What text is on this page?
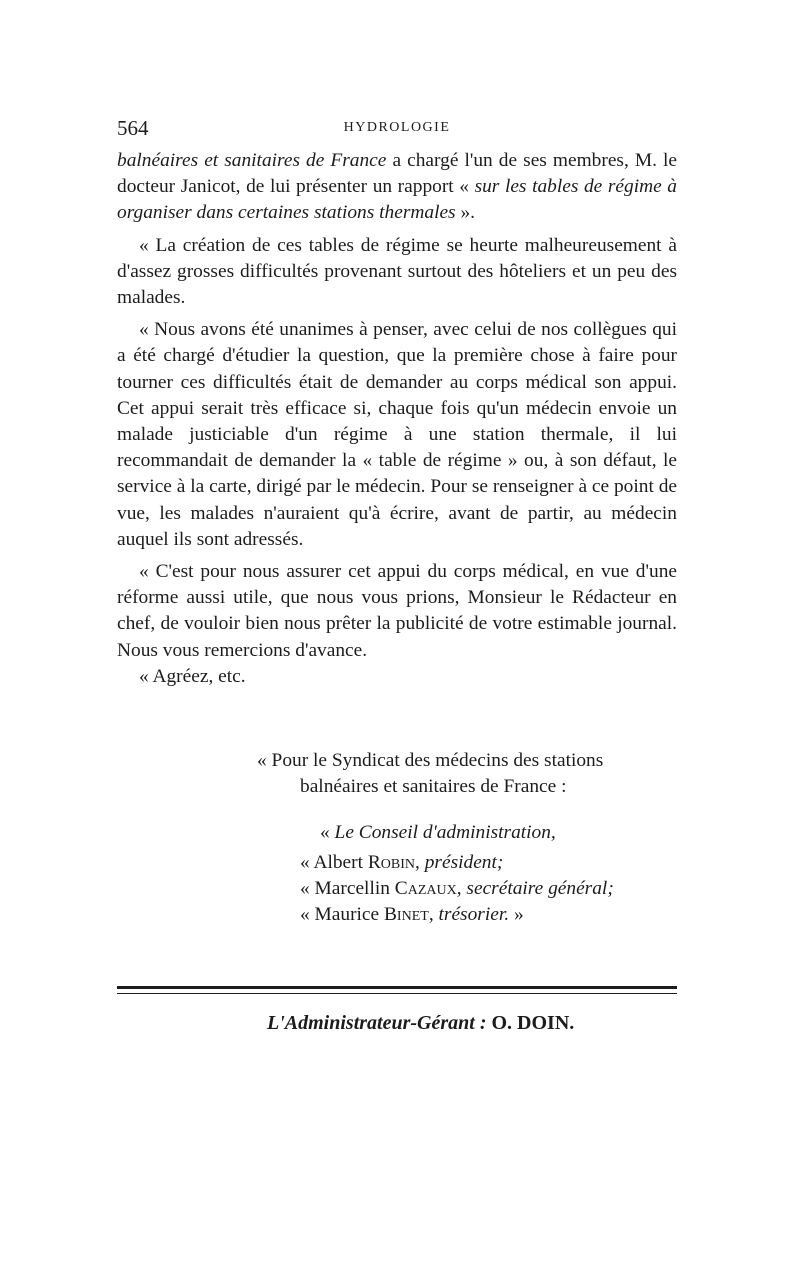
564	HYDROLOGIE

balnéaires et sanitaires de France a chargé l'un de ses membres, M. le docteur Janicot, de lui présenter un rapport « sur les tables de régime à organiser dans certaines stations thermales ».

« La création de ces tables de régime se heurte malheureusement à d'assez grosses difficultés provenant surtout des hôteliers et un peu des malades.

« Nous avons été unanimes à penser, avec celui de nos collègues qui a été chargé d'étudier la question, que la première chose à faire pour tourner ces difficultés était de demander au corps médical son appui. Cet appui serait très efficace si, chaque fois qu'un médecin envoie un malade justiciable d'un régime à une station thermale, il lui recommandait de demander la « table de régime » ou, à son défaut, le service à la carte, dirigé par le médecin. Pour se renseigner à ce point de vue, les malades n'auraient qu'à écrire, avant de partir, au médecin auquel ils sont adressés.

« C'est pour nous assurer cet appui du corps médical, en vue d'une réforme aussi utile, que nous vous prions, Monsieur le Rédacteur en chef, de vouloir bien nous prêter la publicité de votre estimable journal. Nous vous remercions d'avance.

« Agréez, etc.

« Pour le Syndicat des médecins des stations
balnéaires et sanitaires de France :
« Le Conseil d'administration,
« Albert Robin, président;
« Marcellin Cazaux, secrétaire général;
« Maurice Binet, trésorier. »
L'Administrateur-Gérant : O. DOIN.
